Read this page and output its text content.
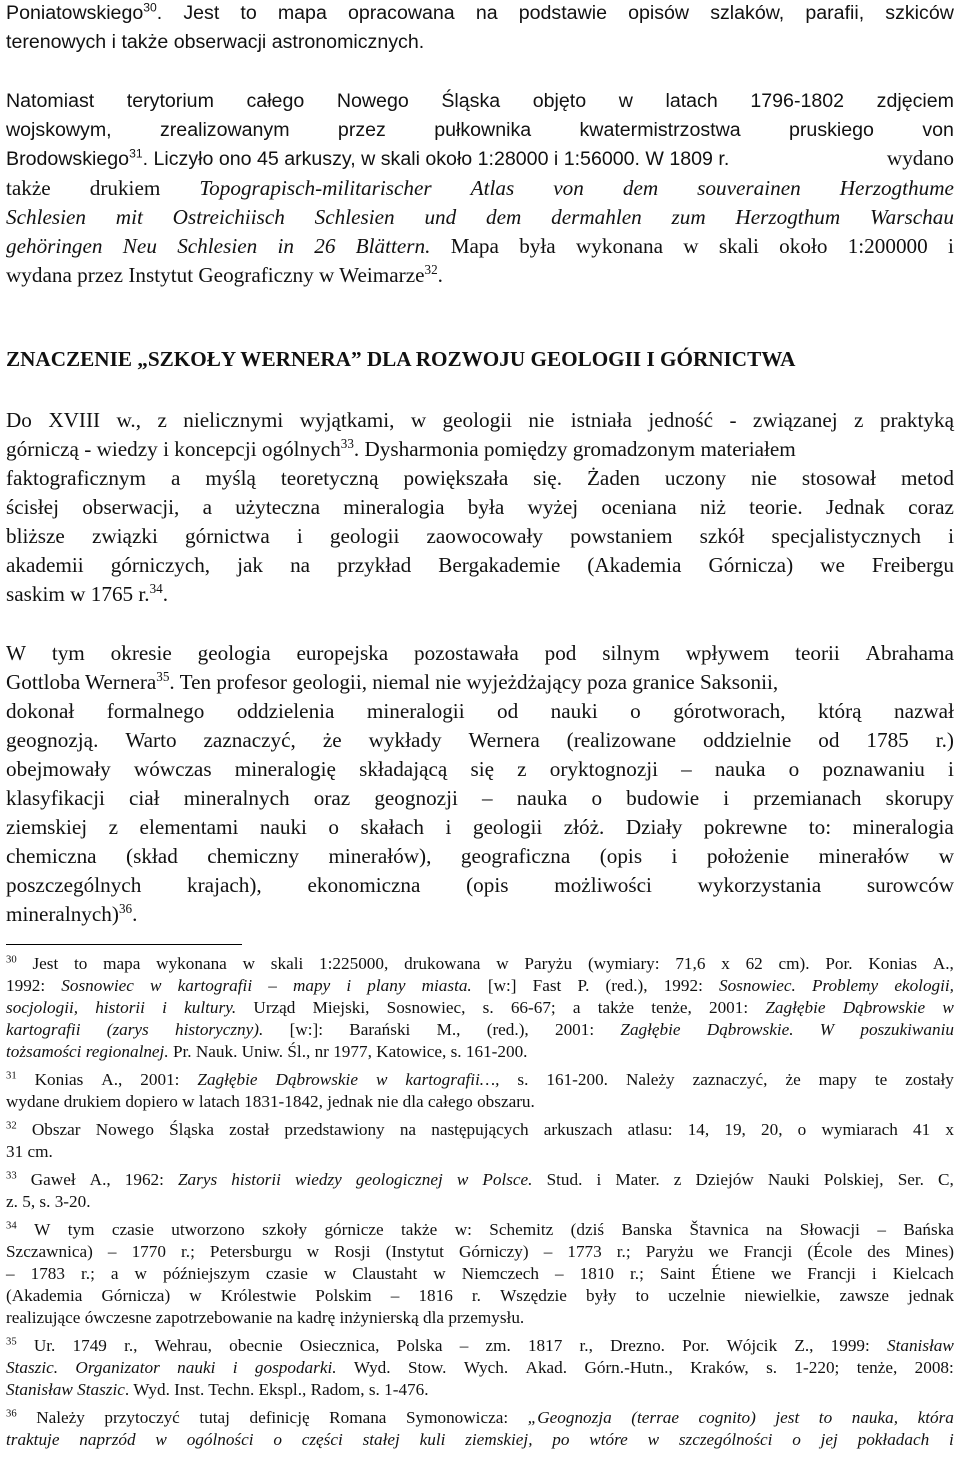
Poniatowskiego$^{30}$. Jest to mapa opracowana na podstawie opisów szlaków, parafii, szkiców
terenowych i także obserwacji astronomicznych.
Natomiast terytorium całego Nowego Śląska objęto w latach 1796-1802 zdjęciem
wojskowym, zrealizowanym przez pułkownika kwatermistrzostwa pruskiego von
Brodowskiego$^{31}$. Liczyło ono 45 arkuszy, w skali około 1:28000 i 1:56000. W 1809 r.	wydano
także drukiem Topograpisch-militarischer Atlas von dem souverainen Herzogthume
Schlesien mit Ostreichiisch Schlesien und dem dermahlen zum Herzogthum Warschau
gehöringen Neu Schlesien in 26 Blättern. Mapa była wykonana w skali około 1:200000 i
wydana przez Instytut Geograficzny w Weimarze$^{32}$.
ZNACZENIE „SZKOŁY WERNERA” DLA ROZWOJU GEOLOGII I GÓRNICTWA
Do XVIII w., z nielicznymi wyjątkami, w geologii nie istniała jedność - związanej z praktyką
górniczą - wiedzy i koncepcji ogólnych$^{33}$. Dysharmonia pomiędzy gromadzonym materiałem
faktograficznym a myślą teoretyczną powiększała się. Żaden uczony nie stosował metod
ścisłej obserwacji, a użyteczna mineralogia była wyżej oceniana niż teorie. Jednak coraz
bliższe związki górnictwa i geologii zaowocowały powstaniem szkół specjalistycznych i
akademii górniczych, jak na przykład Bergakademie (Akademia Górnicza) we Freibergu
saskim w 1765 r.$^{34}$.
W tym okresie geologia europejska pozostawała pod silnym wpływem teorii Abrahama
Gottloba Wernera$^{35}$. Ten profesor geologii, niemal nie wyjeżdżający poza granice Saksonii,
dokonał formalnego oddzielenia mineralogii od nauki o górotworach, którą nazwał
geognozją. Warto zaznaczyć, że wykłady Wernera (realizowane oddzielnie od 1785 r.)
obejmowały wówczas mineralogię składającą się z oryktognozji – nauka o poznawaniu i
klasyfikacji ciał mineralnych oraz geognozji – nauka o budowie i przemianach skorupy
ziemskiej z elementami nauki o skałach i geologii złóż. Działy pokrewne to: mineralogia
chemiczna (skład chemiczny minerałów), geograficzna (opis i położenie minerałów w
poszczególnych krajach), ekonomiczna (opis możliwości wykorzystania surowców
mineralnych)$^{36}$.
$^{30}$ Jest to mapa wykonana w skali 1:225000, drukowana w Paryżu (wymiary: 71,6 x 62 cm). Por. Konias A.,
1992: Sosnowiec w kartografii – mapy i plany miasta. [w:] Fast P. (red.), 1992: Sosnowiec. Problemy ekologii,
socjologii, historii i kultury. Urząd Miejski, Sosnowiec, s. 66-67; a także tenże, 2001: Zagłębie Dąbrowskie w
kartografii (zarys historyczny). [w:]: Barański M., (red.), 2001: Zagłębie Dąbrowskie. W poszukiwaniu
tożsamości regionalnej. Pr. Nauk. Uniw. Śl., nr 1977, Katowice, s. 161-200.
$^{31}$ Konias A., 2001: Zagłębie Dąbrowskie w kartografii…, s. 161-200. Należy zaznaczyć, że mapy te zostały
wydane drukiem dopiero w latach 1831-1842, jednak nie dla całego obszaru.
$^{32}$ Obszar Nowego Śląska został przedstawiony na następujących arkuszach atlasu: 14, 19, 20, o wymiarach 41 x
31 cm.
$^{33}$ Gaweł A., 1962: Zarys historii wiedzy geologicznej w Polsce. Stud. i Mater. z Dziejów Nauki Polskiej, Ser. C,
z. 5, s. 3-20.
$^{34}$ W tym czasie utworzono szkoły górnicze także w: Schemitz (dziś Banska Štavnica na Słowacji – Bańska
Szczawnica) – 1770 r.; Petersburgu w Rosji (Instytut Górniczy) – 1773 r.; Paryżu we Francji (École des Mines)
– 1783 r.; a w późniejszym czasie w Claustaht w Niemczech – 1810 r.; Saint Étiene we Francji i Kielcach
(Akademia Górnicza) w Królestwie Polskim – 1816 r. Wszędzie były to uczelnie niewielkie, zawsze jednak
realizujące ówczesne zapotrzebowanie na kadrę inżynierską dla przemysłu.
$^{35}$ Ur. 1749 r., Wehrau, obecnie Osiecznica, Polska – zm. 1817 r., Drezno. Por. Wójcik Z., 1999: Stanisław
Staszic. Organizator nauki i gospodarki. Wyd. Stow. Wych. Akad. Górn.-Hutn., Kraków, s. 1-220; tenże, 2008:
Stanisław Staszic. Wyd. Inst. Techn. Ekspl., Radom, s. 1-476.
$^{36}$ Należy przytoczyć tutaj definicję Romana Symonowicza: „Geognozja (terrae cognito) jest to nauka, która
traktuje naprzód w ogólności o części stałej kuli ziemskiej, po wtóre w szczególności o jej pokładach i
